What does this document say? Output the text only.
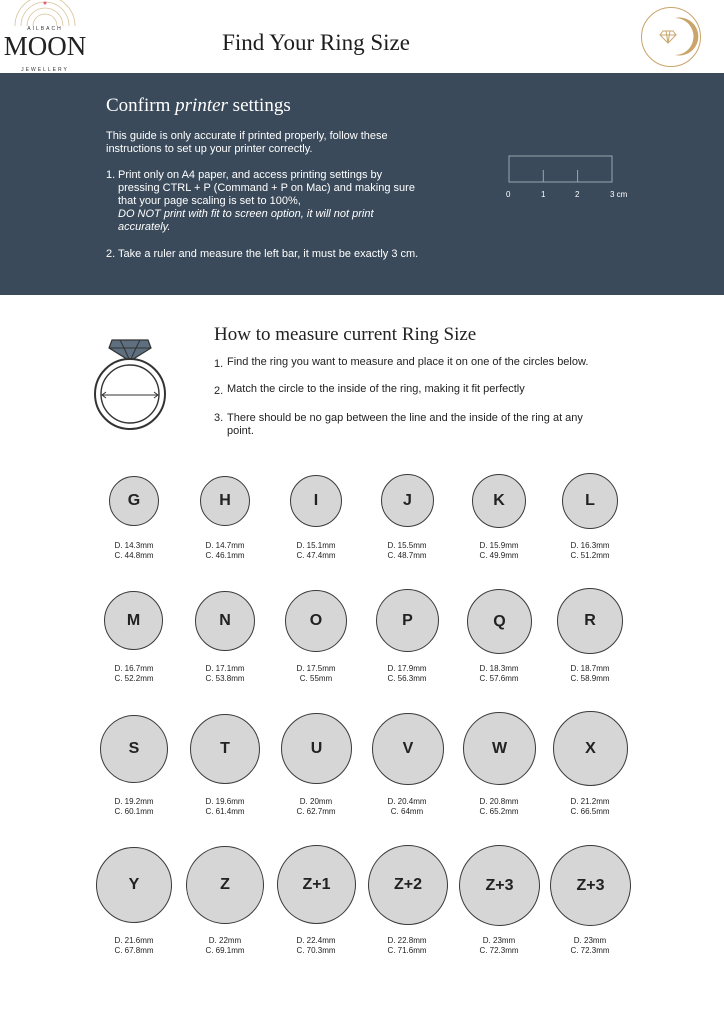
AILBACH
MOON
JEWELLERY
Find Your Ring Size
Confirm printer settings
This guide is only accurate if printed properly, follow these instructions to set up your printer correctly.
1. Print only on A4 paper, and access printing settings by pressing CTRL + P (Command + P on Mac) and making sure that your page scaling is set to 100%,
DO NOT print with fit to screen option, it will not print accurately.
2. Take a ruler and measure the left bar, it must be exactly 3 cm.
0	1	2	3 cm
How to measure current Ring Size
1. Find the ring you want to measure and place it on one of the circles below.
2. Match the circle to the inside of the ring, making it fit perfectly
3. There should be no gap between the line and the inside of the ring at any point.
G	H	I	J	K	L
D. 14.3mm
C. 44.8mm
D. 14.7mm
C. 46.1mm
D. 15.1mm
C. 47.4mm
D. 15.5mm
C. 48.7mm
D. 15.9mm
C. 49.9mm
D. 16.3mm
C. 51.2mm
M	N	O	P	Q	R
D. 16.7mm
C. 52.2mm
D. 17.1mm
C. 53.8mm
D. 17.5mm
C. 55mm
D. 17.9mm
C. 56.3mm
D. 18.3mm
C. 57.6mm
D. 18.7mm
C. 58.9mm
S	T	U	V	W	X
D. 19.2mm
C. 60.1mm
D. 19.6mm
C. 61.4mm
D. 20mm
C. 62.7mm
D. 20.4mm
C. 64mm
D. 20.8mm
C. 65.2mm
D. 21.2mm
C. 66.5mm
Y	Z	Z+1	Z+2	Z+3	Z+3
D. 21.6mm
C. 67.8mm
D. 22mm
C. 69.1mm
D. 22.4mm
C. 70.3mm
D. 22.8mm
C. 71.6mm
D. 23mm
C. 72.3mm
D. 23mm
C. 72.3mm
